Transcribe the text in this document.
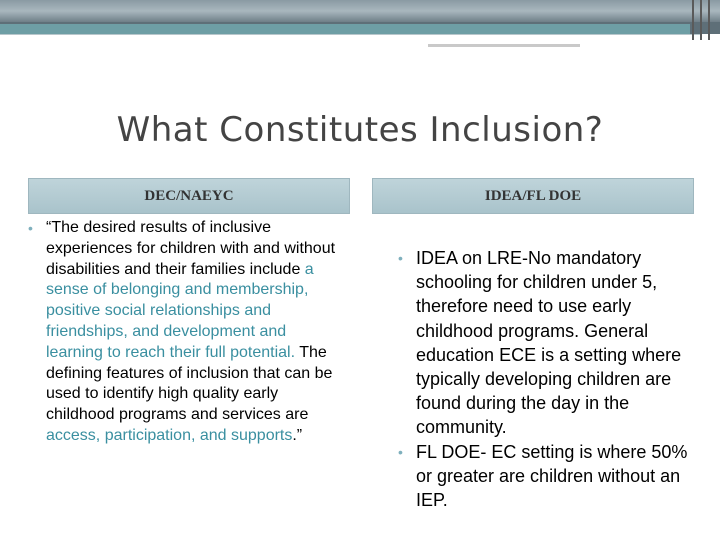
What Constitutes Inclusion?
DEC/NAEYC	IDEA/FL DOE
• “The desired results of inclusive experiences for children with and without disabilities and their families include a sense of belonging and membership, positive social relationships and friendships, and development and learning to reach their full potential. The defining features of inclusion that can be used to identify high quality early childhood programs and services are access, participation, and supports.”
• IDEA on LRE-No mandatory schooling for children under 5, therefore need to use early childhood programs. General education ECE is a setting where typically developing children are found during the day in the community.
• FL DOE- EC setting is where 50% or greater are children without an IEP.
